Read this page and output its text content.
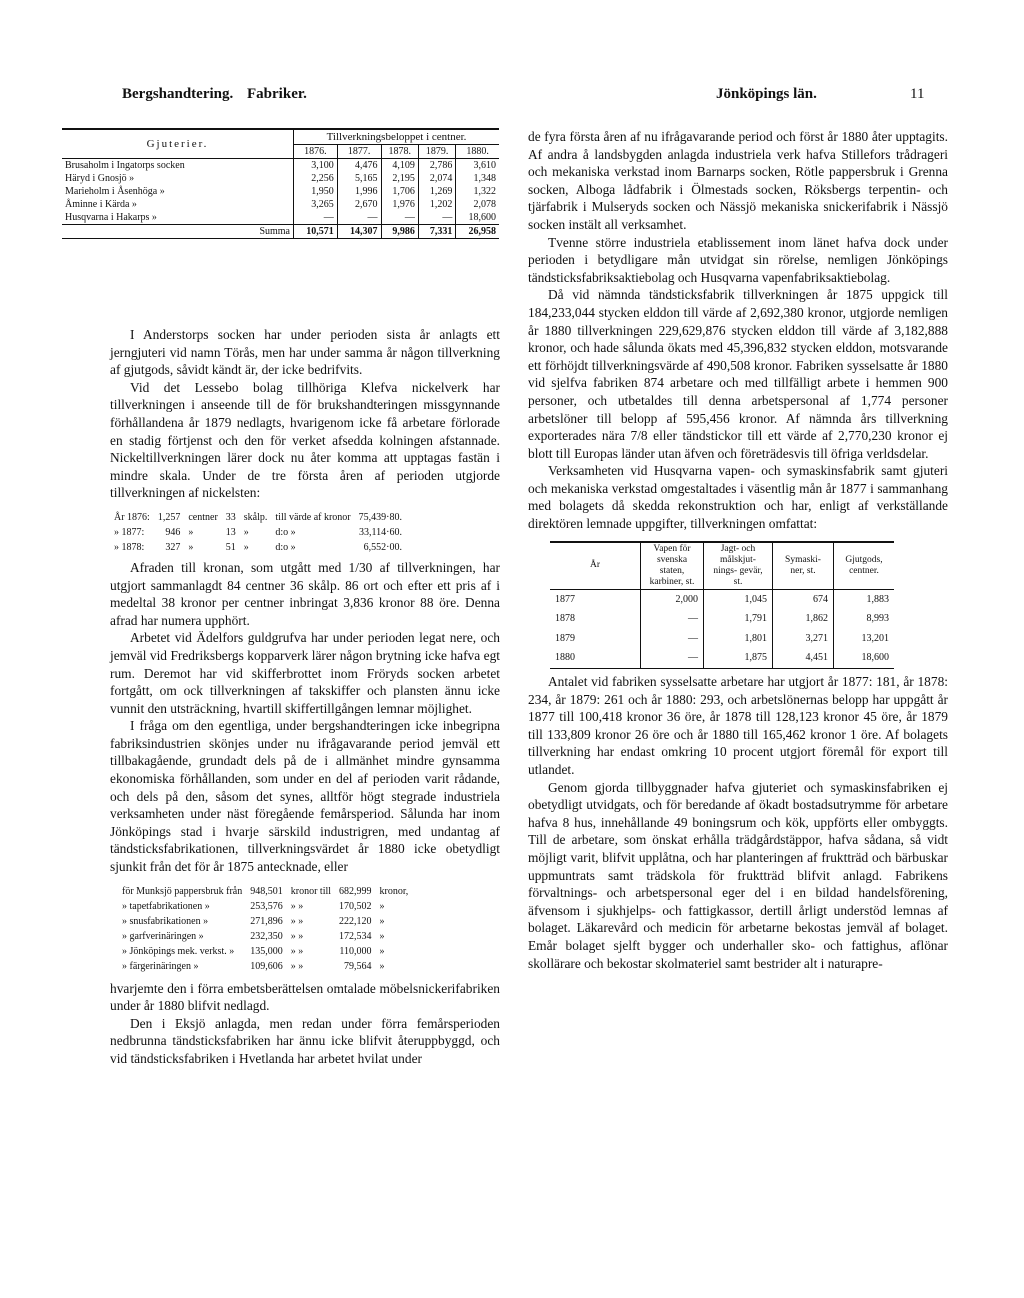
Bergshandtering. Fabriker.	Jönköpings län.	11
Gjuterier.	Tillverkningsbeloppet i centner.				
	1876.	1877.	1878.	1879.	1880.
Brusaholm i Ingatorps socken	3,100	4,476	4,109	2,786	3,610
Häryd i Gnosjö »	2,256	5,165	2,195	2,074	1,348
Marieholm i Åsenhöga »	1,950	1,996	1,706	1,269	1,322
Åminne i Kärda »	3,265	2,670	1,976	1,202	2,078
Husqvarna i Hakarps »	—	—	—	—	18,600
Summa	10,571	14,307	9,986	7,331	26,958

I Anderstorps socken har under perioden sista år anlagts ett jerngjuteri vid namn Törås, men har under samma år någon tillverkning af gjutgods, såvidt kändt är, der icke bedrifvits.

Vid det Lessebo bolag tillhöriga Klefva nickelverk har tillverkningen i anseende till de för brukshandteringen missgynnande förhållandena år 1879 nedlagts, hvarigenom icke få arbetare förlorade en stadig förtjenst och den för verket afsedda kolningen afstannade. Nickeltillverkningen lärer dock nu åter komma att upptagas fastän i mindre skala. Under de tre första åren af perioden utgjorde tillverkningen af nickelsten:

År 1876:	1,257	centner	33	skålp.	till värde af kronor	75,439·80.
» 1877:	946	»	13	»	d:o »	33,114·60.
» 1878:	327	»	51	»	d:o »	6,552·00.

Afraden till kronan, som utgått med 1/30 af tillverkningen, har utgjort sammanlagdt 84 centner 36 skålp. 86 ort och efter ett pris af i medeltal 38 kronor per centner inbringat 3,836 kronor 88 öre. Denna afrad har numera upphört.

Arbetet vid Ädelfors guldgrufva har under perioden legat nere, och jemväl vid Fredriksbergs kopparverk lärer någon brytning icke hafva egt rum. Deremot har vid skifferbrottet inom Fröryds socken arbetet fortgått, om ock tillverkningen af takskiffer och plansten ännu icke vunnit den utsträckning, hvartill skiffertillgången lemnar möjlighet.

I fråga om den egentliga, under bergshandteringen icke inbegripna fabriksindustrien skönjes under nu ifrågavarande period jemväl ett tillbakagående, grundadt dels på de i allmänhet mindre gynsamma ekonomiska förhållanden, som under en del af perioden varit rådande, och dels på den, såsom det synes, alltför högt stegrade industriela verksamheten under näst föregående femårsperiod. Sålunda har inom Jönköpings stad i hvarje särskild industrigren, med undantag af tändsticksfabrikationen, tillverkningsvärdet år 1880 icke obetydligt sjunkit från det för år 1875 antecknade, eller

för Munksjö pappersbruk från	948,501	kronor till	682,999	kronor,
» tapetfabrikationen »	253,576	» »	170,502	»
» snusfabrikationen »	271,896	» »	222,120	»
» garfverinäringen »	232,350	» »	172,534	»
» Jönköpings mek. verkst. »	135,000	» »	110,000	»
» färgerinäringen »	109,606	» »	79,564	»

hvarjemte den i förra embetsberättelsen omtalade möbelsnickerifabriken under år 1880 blifvit nedlagd.

Den i Eksjö anlagda, men redan under förra femårsperioden nedbrunna tändsticksfabriken har ännu icke blifvit återuppbyggd, och vid tändsticksfabriken i Hvetlanda har arbetet hvilat under

de fyra första åren af nu ifrågavarande period och först år 1880 åter upptagits. Af andra å landsbygden anlagda industriela verk hafva Stillefors trådragerі och mekaniska verkstad inom Barnarps socken, Rötle pappersbruk i Grenna socken, Alboga lådfabrik i Ölmestads socken, Röksbergs terpentin- och tjärfabrik i Mulseryds socken och Nässjö mekaniska snickerifabrik i Nässjö socken instält all verksamhet.

Tvenne större industriela etablissement inom länet hafva dock under perioden i betydligare mån utvidgat sin rörelse, nemligen Jönköpings tändsticksfabriksaktiebolag och Husqvarna vapenfabriksaktiebolag.

Då vid nämnda tändsticksfabrik tillverkningen år 1875 uppgick till 184,233,044 stycken elddon till värde af 2,692,380 kronor, utgjorde nemligen år 1880 tillverkningen 229,629,876 stycken elddon till värde af 3,182,888 kronor, och hade sålunda ökats med 45,396,832 stycken elddon, motsvarande ett förhöjdt tillverkningsvärde af 490,508 kronor. Fabriken sysselsatte år 1880 vid sjelfva fabriken 874 arbetare och med tillfälligt arbete i hemmen 900 personer, och utbetaldes till denna arbetspersonal af 1,774 personer arbetslöner till belopp af 595,456 kronor. Af nämnda års tillverkning exporterades nära 7/8 eller tändstickor till ett värde af 2,770,230 kronor ej blott till Europas länder utan äfven och företrädesvis till öfriga verldsdelar.

Verksamheten vid Husqvarna vapen- och symaskinsfabrik samt gjuteri och mekaniska verkstad omgestaltades i väsentlig mån år 1877 i sammanhang med bolagets då skedda rekonstruktion och har, enligt af verkställande direktören lemnade uppgifter, tillverkningen omfattat:

År	Vapen för svenska staten, karbiner, st.	Jagt- och målskjut- nings- gevär, st.	Symaski- ner, st.	Gjutgods, centner.
1877	2,000	1,045	674	1,883
1878	—	1,791	1,862	8,993
1879	—	1,801	3,271	13,201
1880	—	1,875	4,451	18,600

Antalet vid fabriken sysselsatte arbetare har utgjort år 1877: 181, år 1878: 234, år 1879: 261 och år 1880: 293, och arbetslönernas belopp har uppgått år 1877 till 100,418 kronor 36 öre, år 1878 till 128,123 kronor 45 öre, år 1879 till 133,809 kronor 26 öre och år 1880 till 165,462 kronor 1 öre. Af bolagets tillverkning har endast omkring 10 procent utgjort föremål för export till utlandet.

Genom gjorda tillbyggnader hafva gjuteriet och symaskinsfabriken ej obetydligt utvidgats, och för beredande af ökadt bostadsutrymme för arbetare hafva 8 hus, innehållande 49 boningsrum och kök, uppförts eller ombyggts. Till de arbetare, som önskat erhålla trädgårdstäppor, hafva sådana, så vidt möjligt varit, blifvit upplåtna, och har planteringen af fruktträd och bärbuskar uppmuntrats samt trädskola för fruktträd blifvit anlagd. Fabrikens förvaltnings- och arbetspersonal eger del i en bildad handelsförening, äfvensom i sjukhjelps- och fattigkassor, dertill årligt understöd lemnas af bolaget. Läkarevård och medicin för arbetarne bekostas jemväl af bolaget. Emår bolaget sjelft bygger och underhaller sko- och fattighus, aflönar skollärare och bekostar skolmateriel samt bestrider alt i naturapre-
